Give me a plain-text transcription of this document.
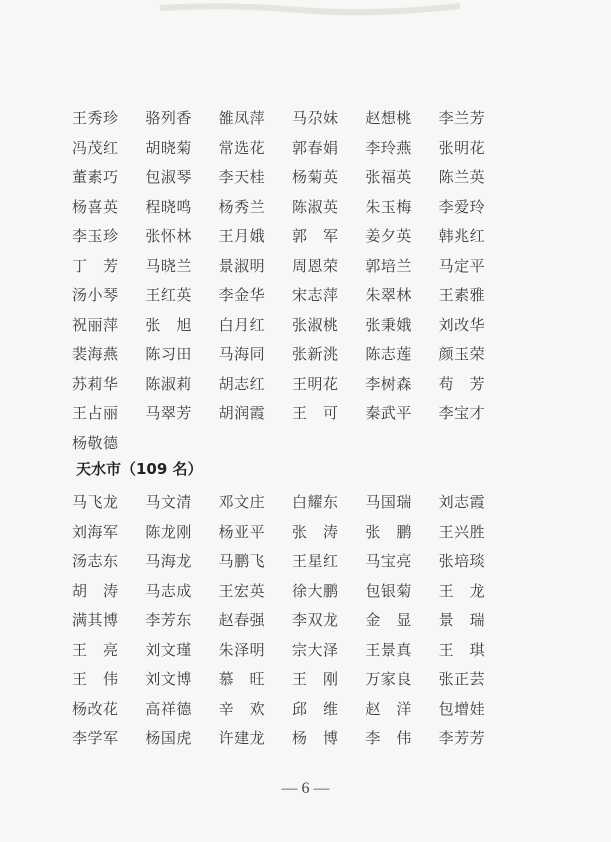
王秀珍	骆列香	雒凤萍	马尕妹	赵想桃	李兰芳
冯茂红	胡晓菊	常选花	郭春娟	李玲燕	张明花
董素巧	包淑琴	李天桂	杨菊英	张福英	陈兰英
杨喜英	程晓鸣	杨秀兰	陈淑英	朱玉梅	李爱玲
李玉珍	张怀林	王月娥	郭　军	姜夕英	韩兆红
丁　芳	马晓兰	景淑明	周恩荣	郭培兰	马定平
汤小琴	王红英	李金华	宋志萍	朱翠林	王素雅
祝丽萍	张　旭	白月红	张淑桃	张秉娥	刘改华
裴海燕	陈习田	马海同	张新洮	陈志莲	颜玉荣
苏莉华	陈淑莉	胡志红	王明花	李树森	苟　芳
王占丽	马翠芳	胡润霞	王　可	秦武平	李宝才
杨敬德
天水市（109 名）
马飞龙	马文清	邓文庄	白耀东	马国瑞	刘志霞
刘海军	陈龙刚	杨亚平	张　涛	张　鹏	王兴胜
汤志东	马海龙	马鹏飞	王星红	马宝亮	张培琰
胡　涛	马志成	王宏英	徐大鹏	包银菊	王　龙
满其博	李芳东	赵春强	李双龙	金　显	景　瑞
王　亮	刘文瑾	朱泽明	宗大泽	王景真	王　琪
王　伟	刘文博	慕　旺	王　刚	万家良	张正芸
杨改花	高祥德	辛　欢	邱　维	赵　洋	包增娃
李学军	杨国虎	许建龙	杨　博	李　伟	李芳芳
— 6 —
